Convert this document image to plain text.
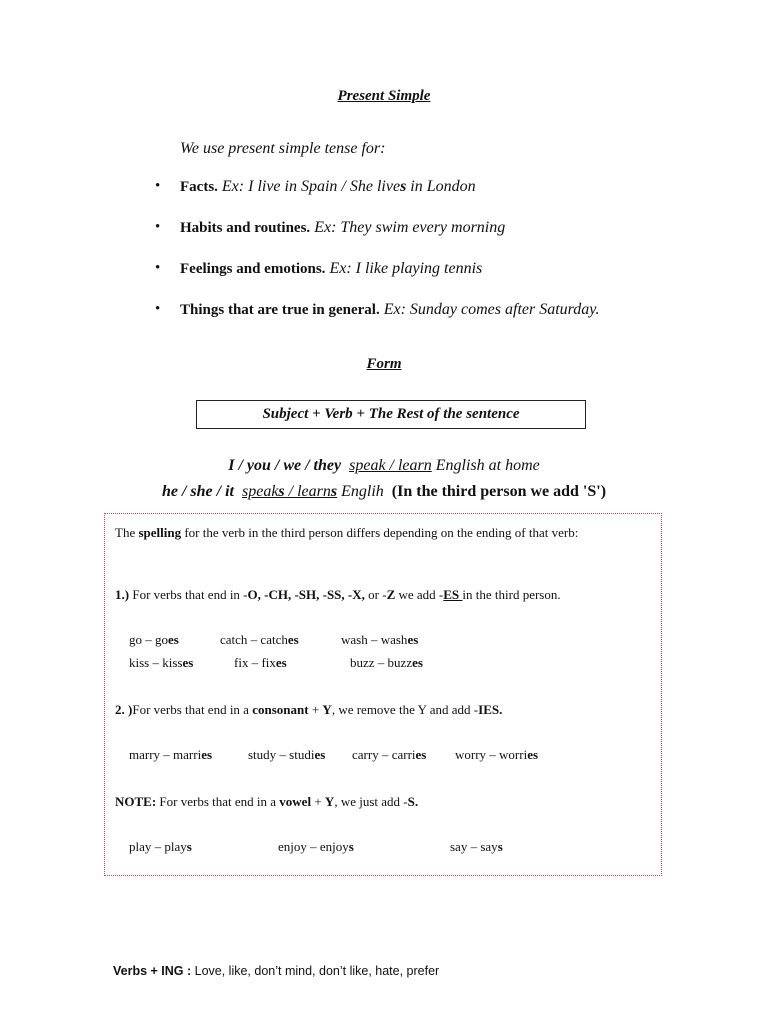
Present Simple
We use present simple tense for:
• Facts. Ex: I live in Spain / She lives in London
• Habits and routines. Ex: They swim every morning
• Feelings and emotions. Ex: I like playing tennis
• Things that are true in general. Ex: Sunday comes after Saturday.
Form
Subject + Verb + The Rest of the sentence
I / you / we / they speak / learn English at home
he / she / it speaks / learns Englih (In the third person we add 'S')
The spelling for the verb in the third person differs depending on the ending of that verb:
1.) For verbs that end in -O, -CH, -SH, -SS, -X, or -Z we add -ES in the third person.
go – goes	catch – catches	wash – washes
kiss – kisses	fix – fixes	buzz – buzzes
2. )For verbs that end in a consonant + Y, we remove the Y and add -IES.
marry – marries	study – studies carry – carries worry – worries
NOTE: For verbs that end in a vowel + Y, we just add -S.
play – plays	enjoy – enjoys	say – says
Verbs + ING : Love, like, don’t mind, don’t like, hate, prefer
